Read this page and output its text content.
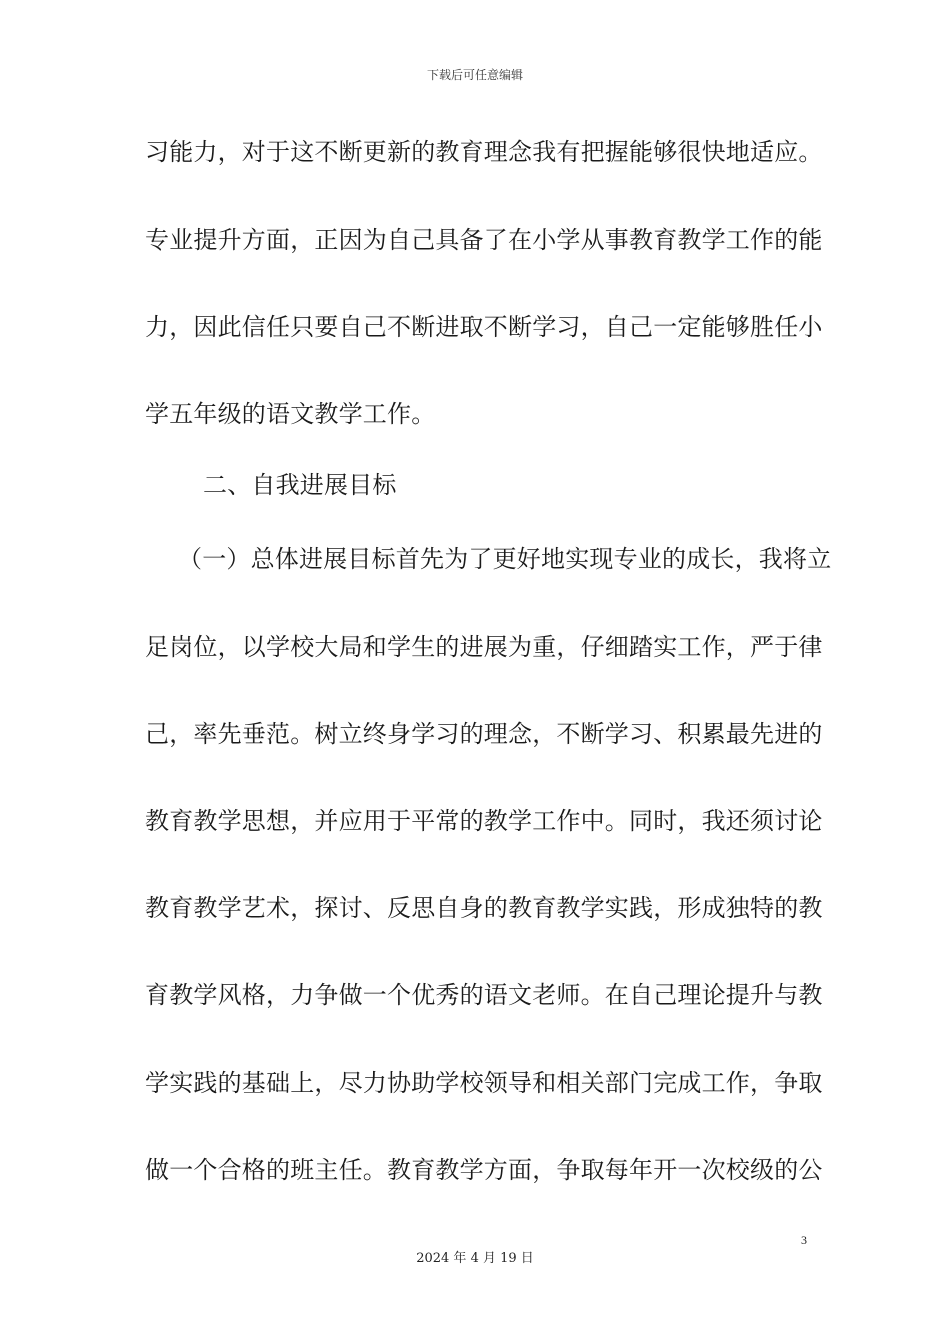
下载后可任意编辑
习能力，对于这不断更新的教育理念我有把握能够很快地适应。
专业提升方面，正因为自己具备了在小学从事教育教学工作的能
力，因此信任只要自己不断进取不断学习，自己一定能够胜任小
学五年级的语文教学工作。
二、自我进展目标
（一）总体进展目标首先为了更好地实现专业的成长，我将立
足岗位，以学校大局和学生的进展为重，仔细踏实工作，严于律
己，率先垂范。树立终身学习的理念，不断学习、积累最先进的
教育教学思想，并应用于平常的教学工作中。同时，我还须讨论
教育教学艺术，探讨、反思自身的教育教学实践，形成独特的教
育教学风格，力争做一个优秀的语文老师。在自己理论提升与教
学实践的基础上，尽力协助学校领导和相关部门完成工作，争取
做一个合格的班主任。教育教学方面，争取每年开一次校级的公
3
2024 年 4 月 19 日
